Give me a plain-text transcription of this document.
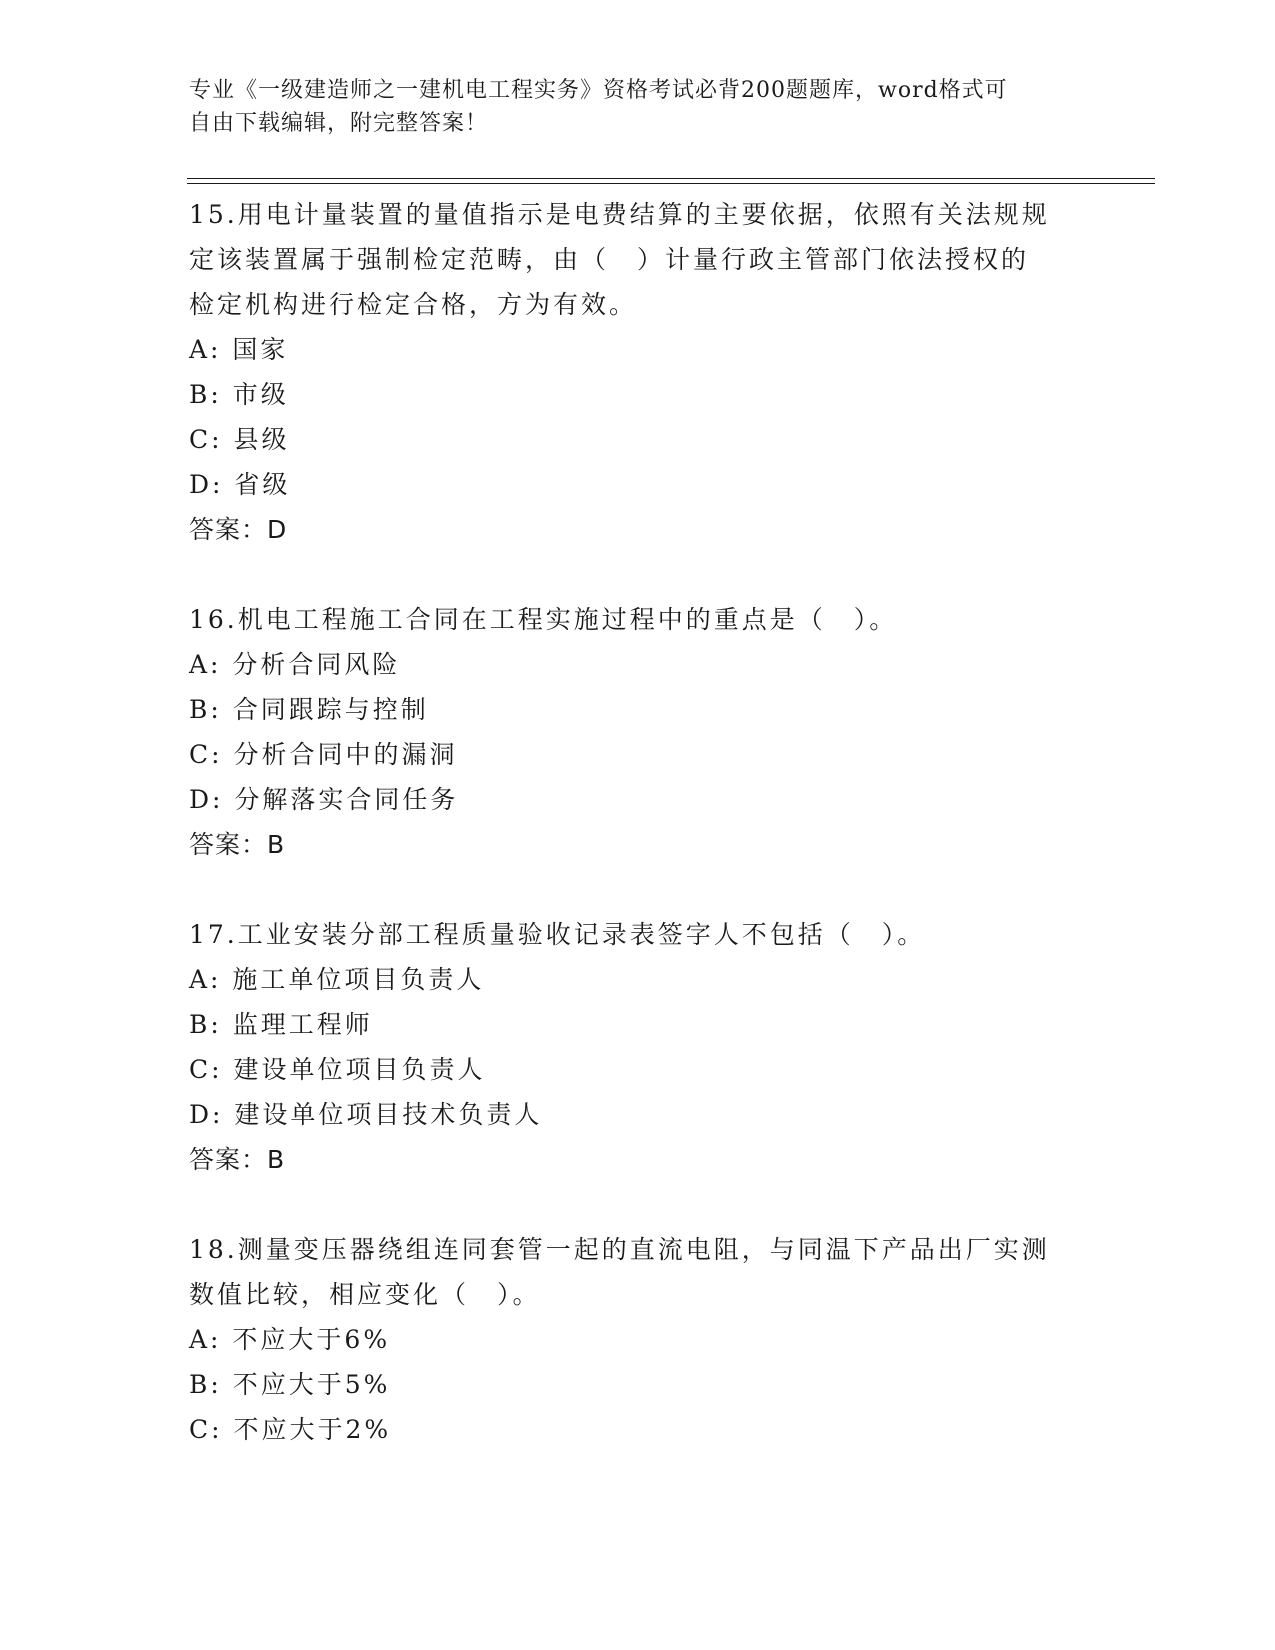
专业《一级建造师之一建机电工程实务》资格考试必背200题题库，word格式可
自由下载编辑，附完整答案！
15.用电计量装置的量值指示是电费结算的主要依据，依照有关法规规
定该装置属于强制检定范畴，由（　）计量行政主管部门依法授权的
检定机构进行检定合格，方为有效。
A: 国家
B: 市级
C: 县级
D: 省级
答案：D
16.机电工程施工合同在工程实施过程中的重点是（　）。
A: 分析合同风险
B: 合同跟踪与控制
C: 分析合同中的漏洞
D: 分解落实合同任务
答案：B
17.工业安装分部工程质量验收记录表签字人不包括（　）。
A: 施工单位项目负责人
B: 监理工程师
C: 建设单位项目负责人
D: 建设单位项目技术负责人
答案：B
18.测量变压器绕组连同套管一起的直流电阻，与同温下产品出厂实测
数值比较，相应变化（　）。
A: 不应大于6%
B: 不应大于5%
C: 不应大于2%
